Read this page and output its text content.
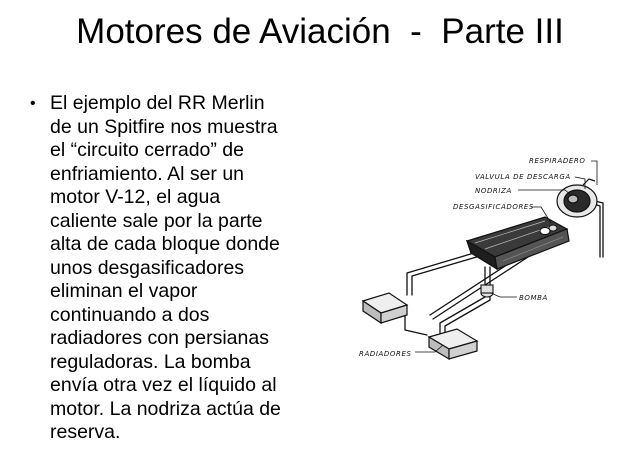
Motores de Aviación  -  Parte III
• El ejemplo del RR Merlin
de un Spitfire nos muestra
el “circuito cerrado” de
enfriamiento. Al ser un
motor V-12, el agua
caliente sale por la parte
alta de cada bloque donde
unos desgasificadores
eliminan el vapor
continuando a dos
radiadores con persianas
reguladoras. La bomba
envía otra vez el líquido al
motor. La nodriza actúa de
reserva.
RESPIRADERO
VALVULA DE DESCARGA
NODRIZA
DESGASIFICADORES
BOMBA
RADIADORES
